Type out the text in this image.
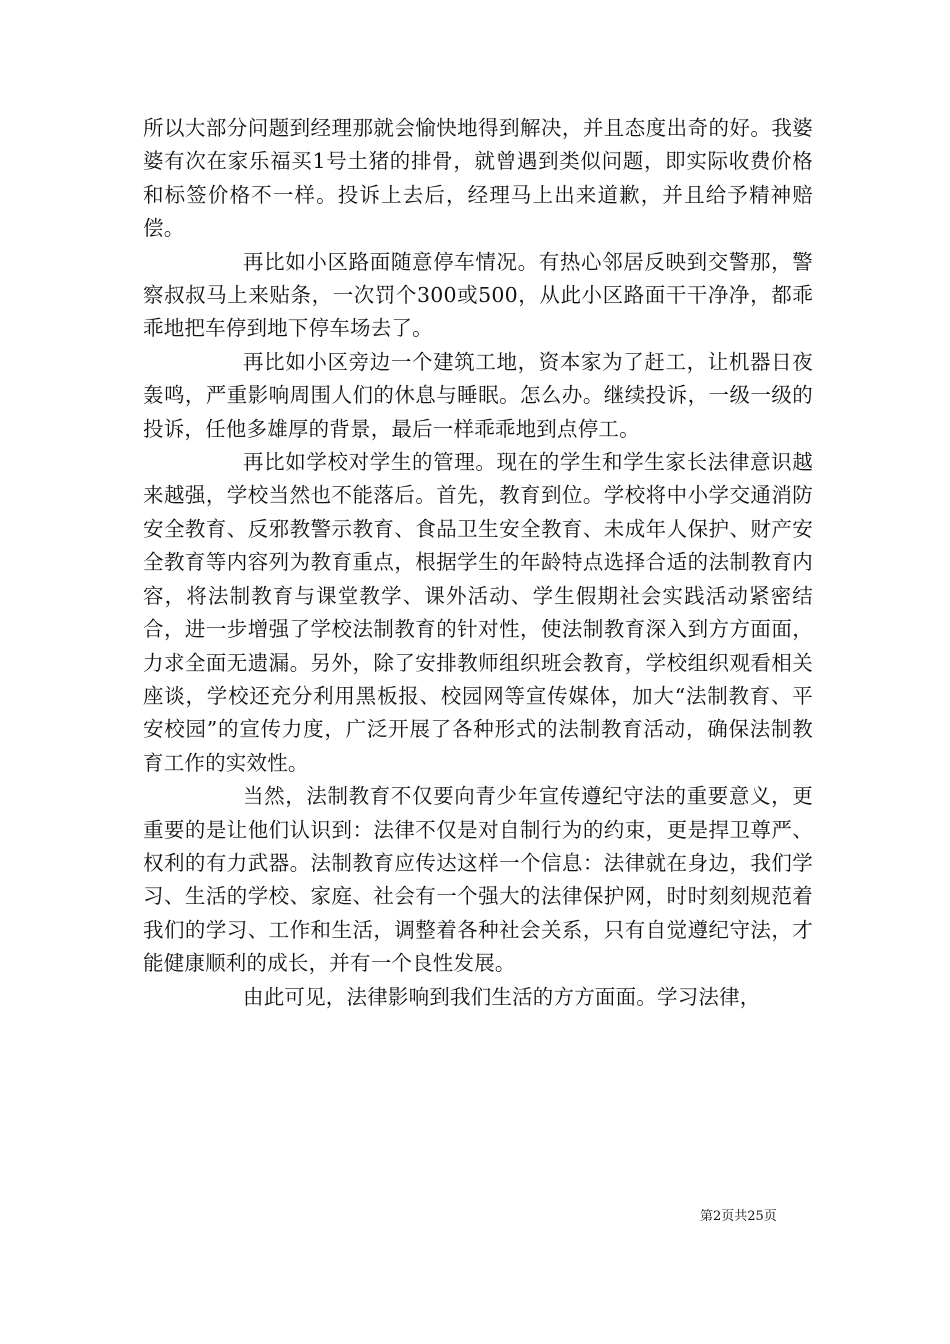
所以大部分问题到经理那就会愉快地得到解决，并且态度出奇的好。我婆婆有次在家乐福买1号土猪的排骨，就曾遇到类似问题，即实际收费价格和标签价格不一样。投诉上去后，经理马上出来道歉，并且给予精神赔偿。

再比如小区路面随意停车情况。有热心邻居反映到交警那，警察叔叔马上来贴条，一次罚个300或500，从此小区路面干干净净，都乖乖地把车停到地下停车场去了。

再比如小区旁边一个建筑工地，资本家为了赶工，让机器日夜轰鸣，严重影响周围人们的休息与睡眠。怎么办。继续投诉，一级一级的投诉，任他多雄厚的背景，最后一样乖乖地到点停工。

再比如学校对学生的管理。现在的学生和学生家长法律意识越来越强，学校当然也不能落后。首先，教育到位。学校将中小学交通消防安全教育、反邪教警示教育、食品卫生安全教育、未成年人保护、财产安全教育等内容列为教育重点，根据学生的年龄特点选择合适的法制教育内容，将法制教育与课堂教学、课外活动、学生假期社会实践活动紧密结合，进一步增强了学校法制教育的针对性，使法制教育深入到方方面面，力求全面无遗漏。另外，除了安排教师组织班会教育，学校组织观看相关座谈，学校还充分利用黑板报、校园网等宣传媒体，加大“法制教育、平安校园”的宣传力度，广泛开展了各种形式的法制教育活动，确保法制教育工作的实效性。

当然，法制教育不仅要向青少年宣传遵纪守法的重要意义，更重要的是让他们认识到：法律不仅是对自制行为的约束，更是捍卫尊严、权利的有力武器。法制教育应传达这样一个信息：法律就在身边，我们学习、生活的学校、家庭、社会有一个强大的法律保护网，时时刻刻规范着我们的学习、工作和生活，调整着各种社会关系，只有自觉遵纪守法，才能健康顺利的成长，并有一个良性发展。

由此可见，法律影响到我们生活的方方面面。学习法律，

第2页共25页
